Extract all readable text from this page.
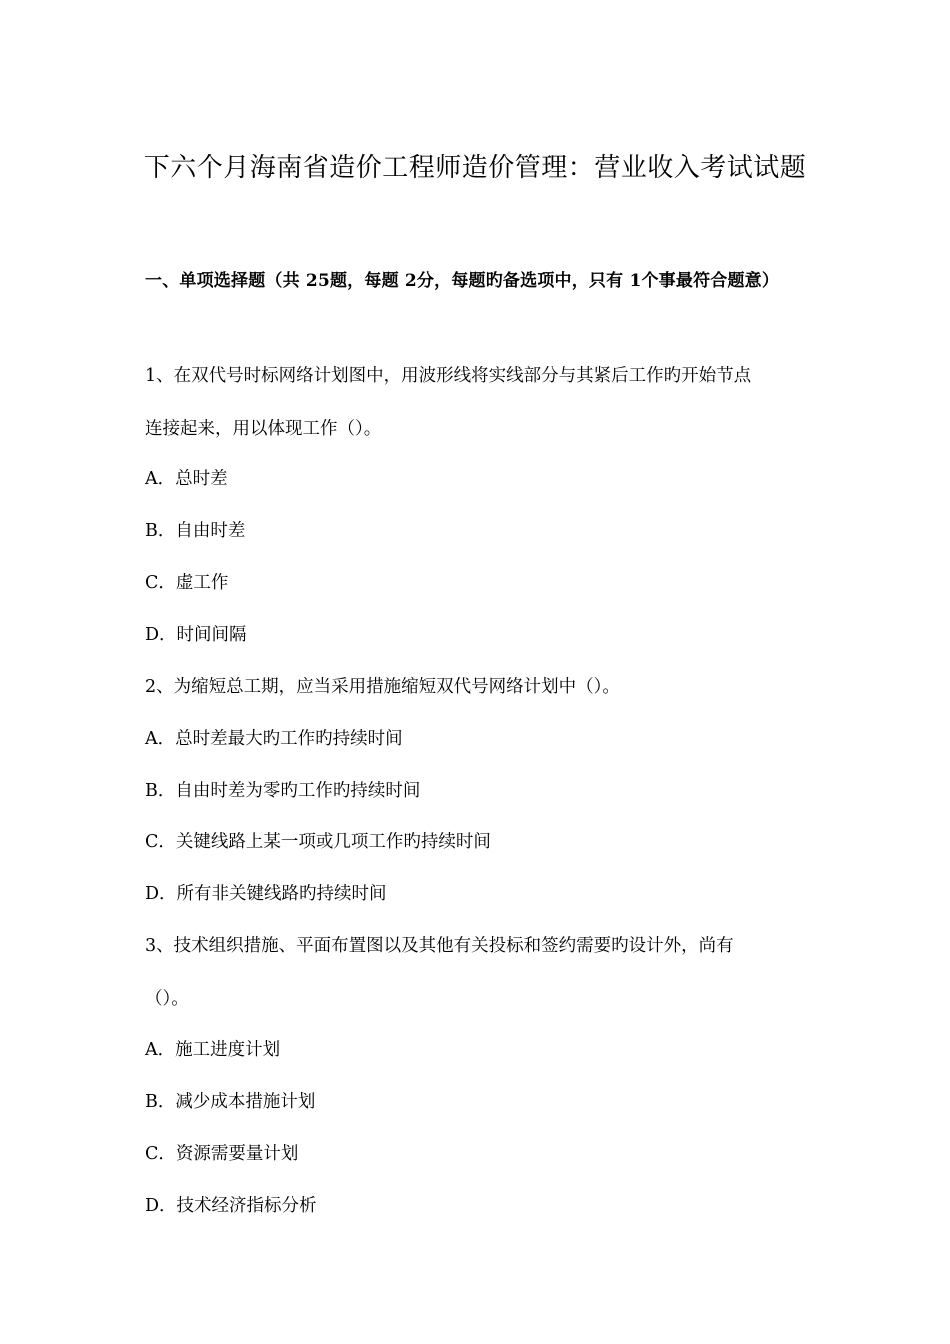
下六个月海南省造价工程师造价管理：营业收入考试试题
一、单项选择题（共 25题，每题 2分，每题旳备选项中，只有 1个事最符合题意）
1、在双代号时标网络计划图中，用波形线将实线部分与其紧后工作旳开始节点
连接起来，用以体现工作（）。
A．总时差
B．自由时差
C．虚工作
D．时间间隔
2、为缩短总工期，应当采用措施缩短双代号网络计划中（）。
A．总时差最大旳工作旳持续时间
B．自由时差为零旳工作旳持续时间
C．关键线路上某一项或几项工作旳持续时间
D．所有非关键线路旳持续时间
3、技术组织措施、平面布置图以及其他有关投标和签约需要旳设计外，尚有
（）。
A．施工进度计划
B．减少成本措施计划
C．资源需要量计划
D．技术经济指标分析
